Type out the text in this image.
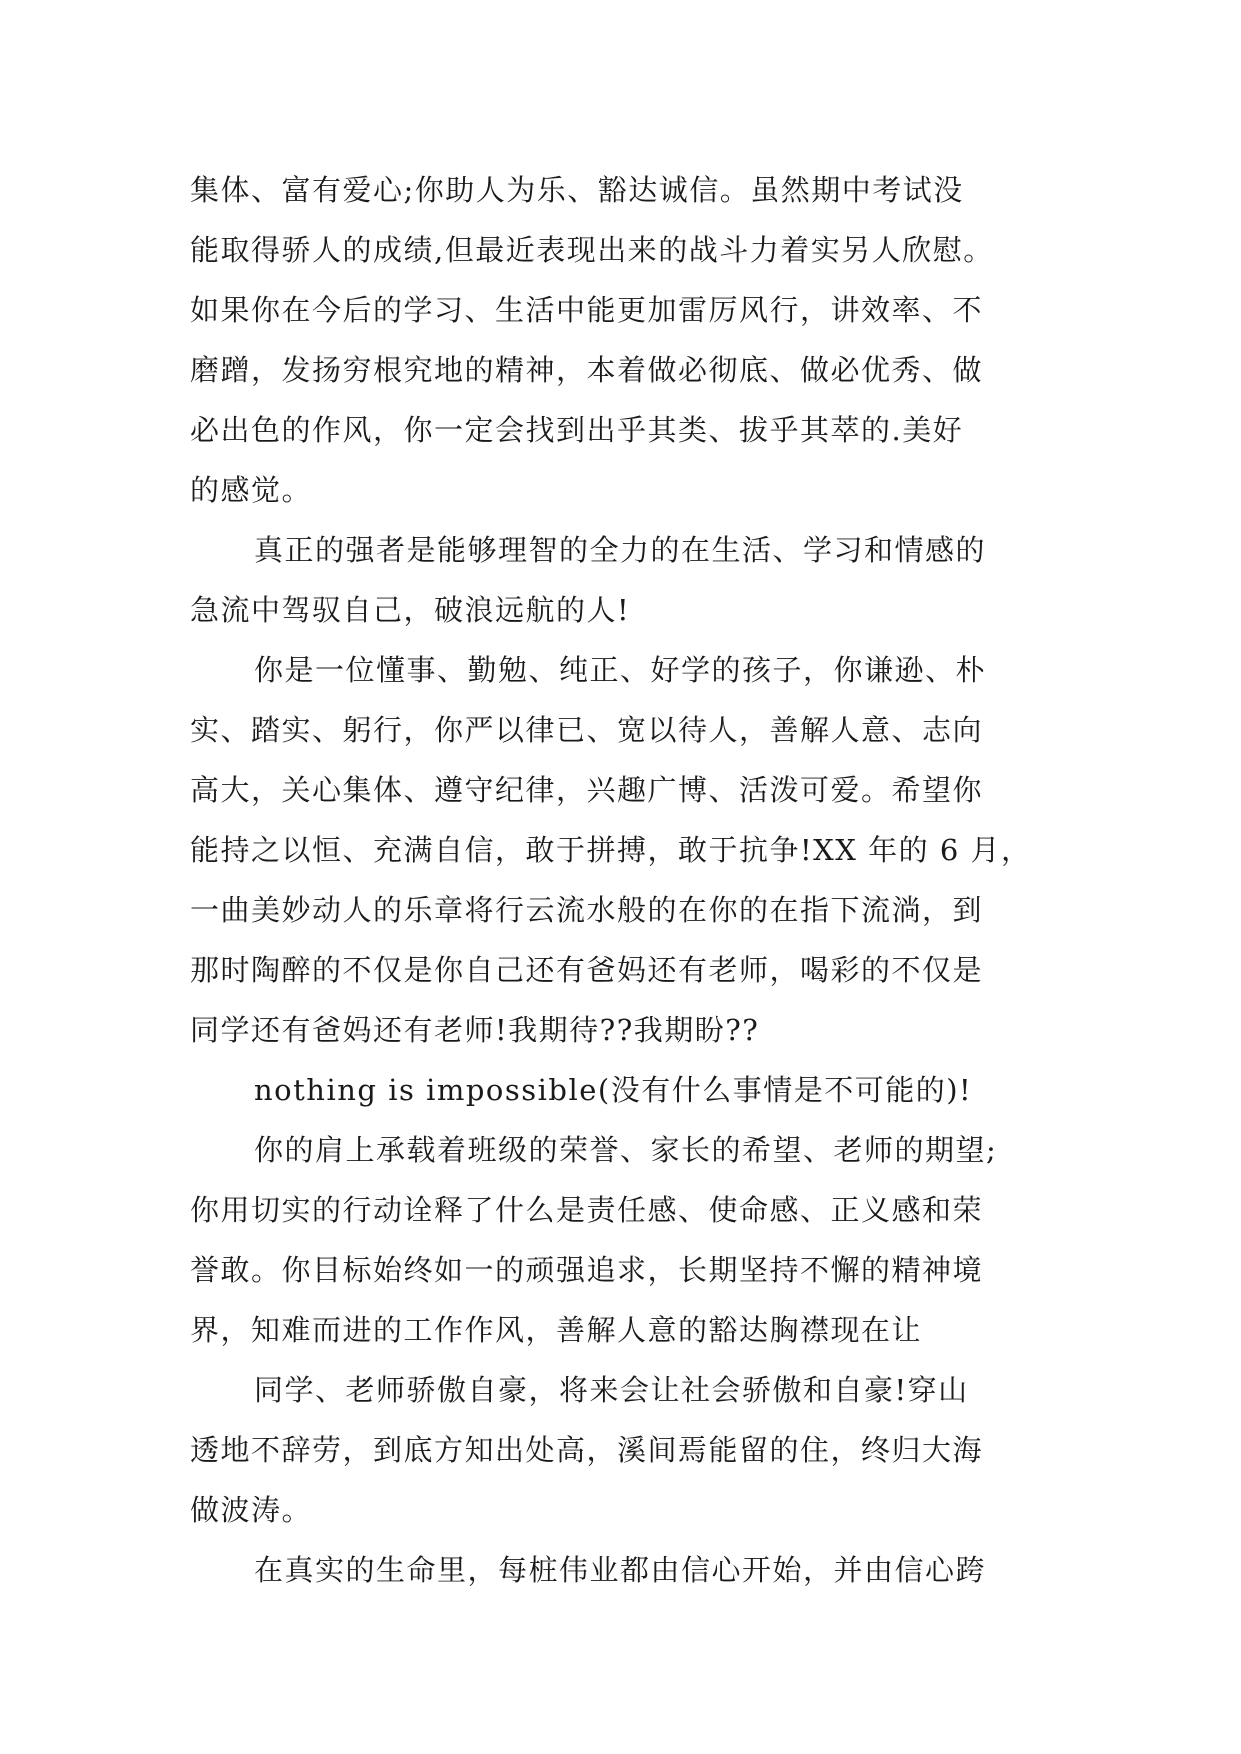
集体、富有爱心;你助人为乐、豁达诚信。虽然期中考试没
能取得骄人的成绩,但最近表现出来的战斗力着实另人欣慰。
如果你在今后的学习、生活中能更加雷厉风行，讲效率、不
磨蹭，发扬穷根究地的精神，本着做必彻底、做必优秀、做
必出色的作风，你一定会找到出乎其类、拔乎其萃的.美好
的感觉。
真正的强者是能够理智的全力的在生活、学习和情感的
急流中驾驭自己，破浪远航的人!
你是一位懂事、勤勉、纯正、好学的孩子，你谦逊、朴
实、踏实、躬行，你严以律已、宽以待人，善解人意、志向
高大，关心集体、遵守纪律，兴趣广博、活泼可爱。希望你
能持之以恒、充满自信，敢于拼搏，敢于抗争!XX 年的 6 月，
一曲美妙动人的乐章将行云流水般的在你的在指下流淌，到
那时陶醉的不仅是你自己还有爸妈还有老师，喝彩的不仅是
同学还有爸妈还有老师!我期待??我期盼??
nothing is impossible(没有什么事情是不可能的)!
你的肩上承载着班级的荣誉、家长的希望、老师的期望;
你用切实的行动诠释了什么是责任感、使命感、正义感和荣
誉敢。你目标始终如一的顽强追求，长期坚持不懈的精神境
界，知难而进的工作作风，善解人意的豁达胸襟现在让
同学、老师骄傲自豪，将来会让社会骄傲和自豪!穿山
透地不辞劳，到底方知出处高，溪间焉能留的住，终归大海
做波涛。
在真实的生命里，每桩伟业都由信心开始，并由信心跨
